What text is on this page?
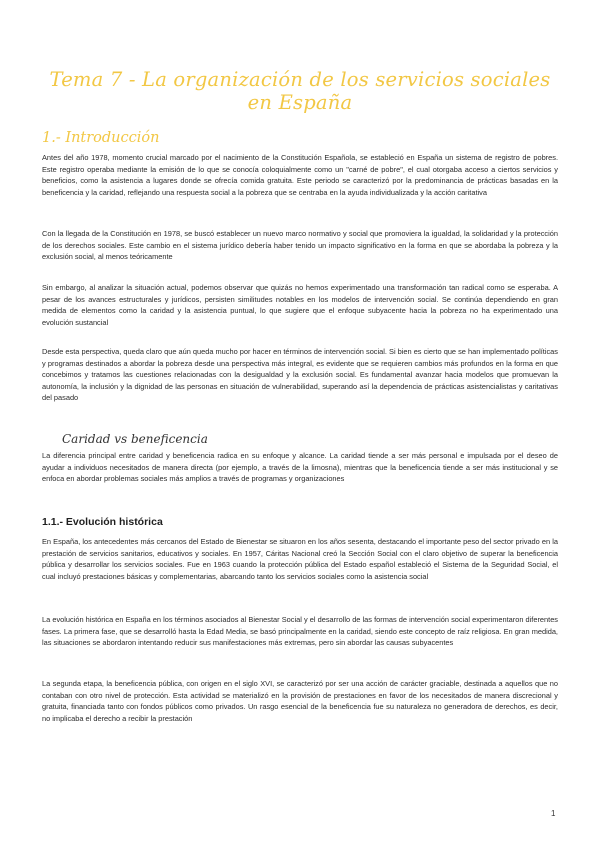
Tema 7 - La organización de los servicios sociales en España
1.- Introducción

Antes del año 1978, momento crucial marcado por el nacimiento de la Constitución Española, se estableció en España un sistema de registro de pobres. Este registro operaba mediante la emisión de lo que se conocía coloquialmente como un "carné de pobre", el cual otorgaba acceso a ciertos servicios y beneficios, como la asistencia a lugares donde se ofrecía comida gratuita. Este periodo se caracterizó por la predominancia de prácticas basadas en la beneficencia y la caridad, reflejando una respuesta social a la pobreza que se centraba en la ayuda individualizada y la acción caritativa

Con la llegada de la Constitución en 1978, se buscó establecer un nuevo marco normativo y social que promoviera la igualdad, la solidaridad y la protección de los derechos sociales. Este cambio en el sistema jurídico debería haber tenido un impacto significativo en la forma en que se abordaba la pobreza y la exclusión social, al menos teóricamente

Sin embargo, al analizar la situación actual, podemos observar que quizás no hemos experimentado una transformación tan radical como se esperaba. A pesar de los avances estructurales y jurídicos, persisten similitudes notables en los modelos de intervención social. Se continúa dependiendo en gran medida de elementos como la caridad y la asistencia puntual, lo que sugiere que el enfoque subyacente hacia la pobreza no ha experimentado una evolución sustancial

Desde esta perspectiva, queda claro que aún queda mucho por hacer en términos de intervención social. Si bien es cierto que se han implementado políticas y programas destinados a abordar la pobreza desde una perspectiva más integral, es evidente que se requieren cambios más profundos en la forma en que concebimos y tratamos las cuestiones relacionadas con la desigualdad y la exclusión social. Es fundamental avanzar hacia modelos que promuevan la autonomía, la inclusión y la dignidad de las personas en situación de vulnerabilidad, superando así la dependencia de prácticas asistencialistas y caritativas del pasado

Caridad vs beneficencia

La diferencia principal entre caridad y beneficencia radica en su enfoque y alcance. La caridad tiende a ser más personal e impulsada por el deseo de ayudar a individuos necesitados de manera directa (por ejemplo, a través de la limosna), mientras que la beneficencia tiende a ser más institucional y se enfoca en abordar problemas sociales más amplios a través de programas y organizaciones

1.1.- Evolución histórica

En España, los antecedentes más cercanos del Estado de Bienestar se situaron en los años sesenta, destacando el importante peso del sector privado en la prestación de servicios sanitarios, educativos y sociales. En 1957, Cáritas Nacional creó la Sección Social con el claro objetivo de superar la beneficencia pública y desarrollar los servicios sociales. Fue en 1963 cuando la protección pública del Estado español estableció el Sistema de la Seguridad Social, el cual incluyó prestaciones básicas y complementarias, abarcando tanto los servicios sociales como la asistencia social

La evolución histórica en España en los términos asociados al Bienestar Social y el desarrollo de las formas de intervención social experimentaron diferentes fases. La primera fase, que se desarrolló hasta la Edad Media, se basó principalmente en la caridad, siendo este concepto de raíz religiosa. En gran medida, las situaciones se abordaron intentando reducir sus manifestaciones más extremas, pero sin abordar las causas subyacentes

La segunda etapa, la beneficencia pública, con origen en el siglo XVI, se caracterizó por ser una acción de carácter graciable, destinada a aquellos que no contaban con otro nivel de protección. Esta actividad se materializó en la provisión de prestaciones en favor de los necesitados de manera discrecional y gratuita, financiada tanto con fondos públicos como privados. Un rasgo esencial de la beneficencia fue su naturaleza no generadora de derechos, es decir, no implicaba el derecho a recibir la prestación

1
